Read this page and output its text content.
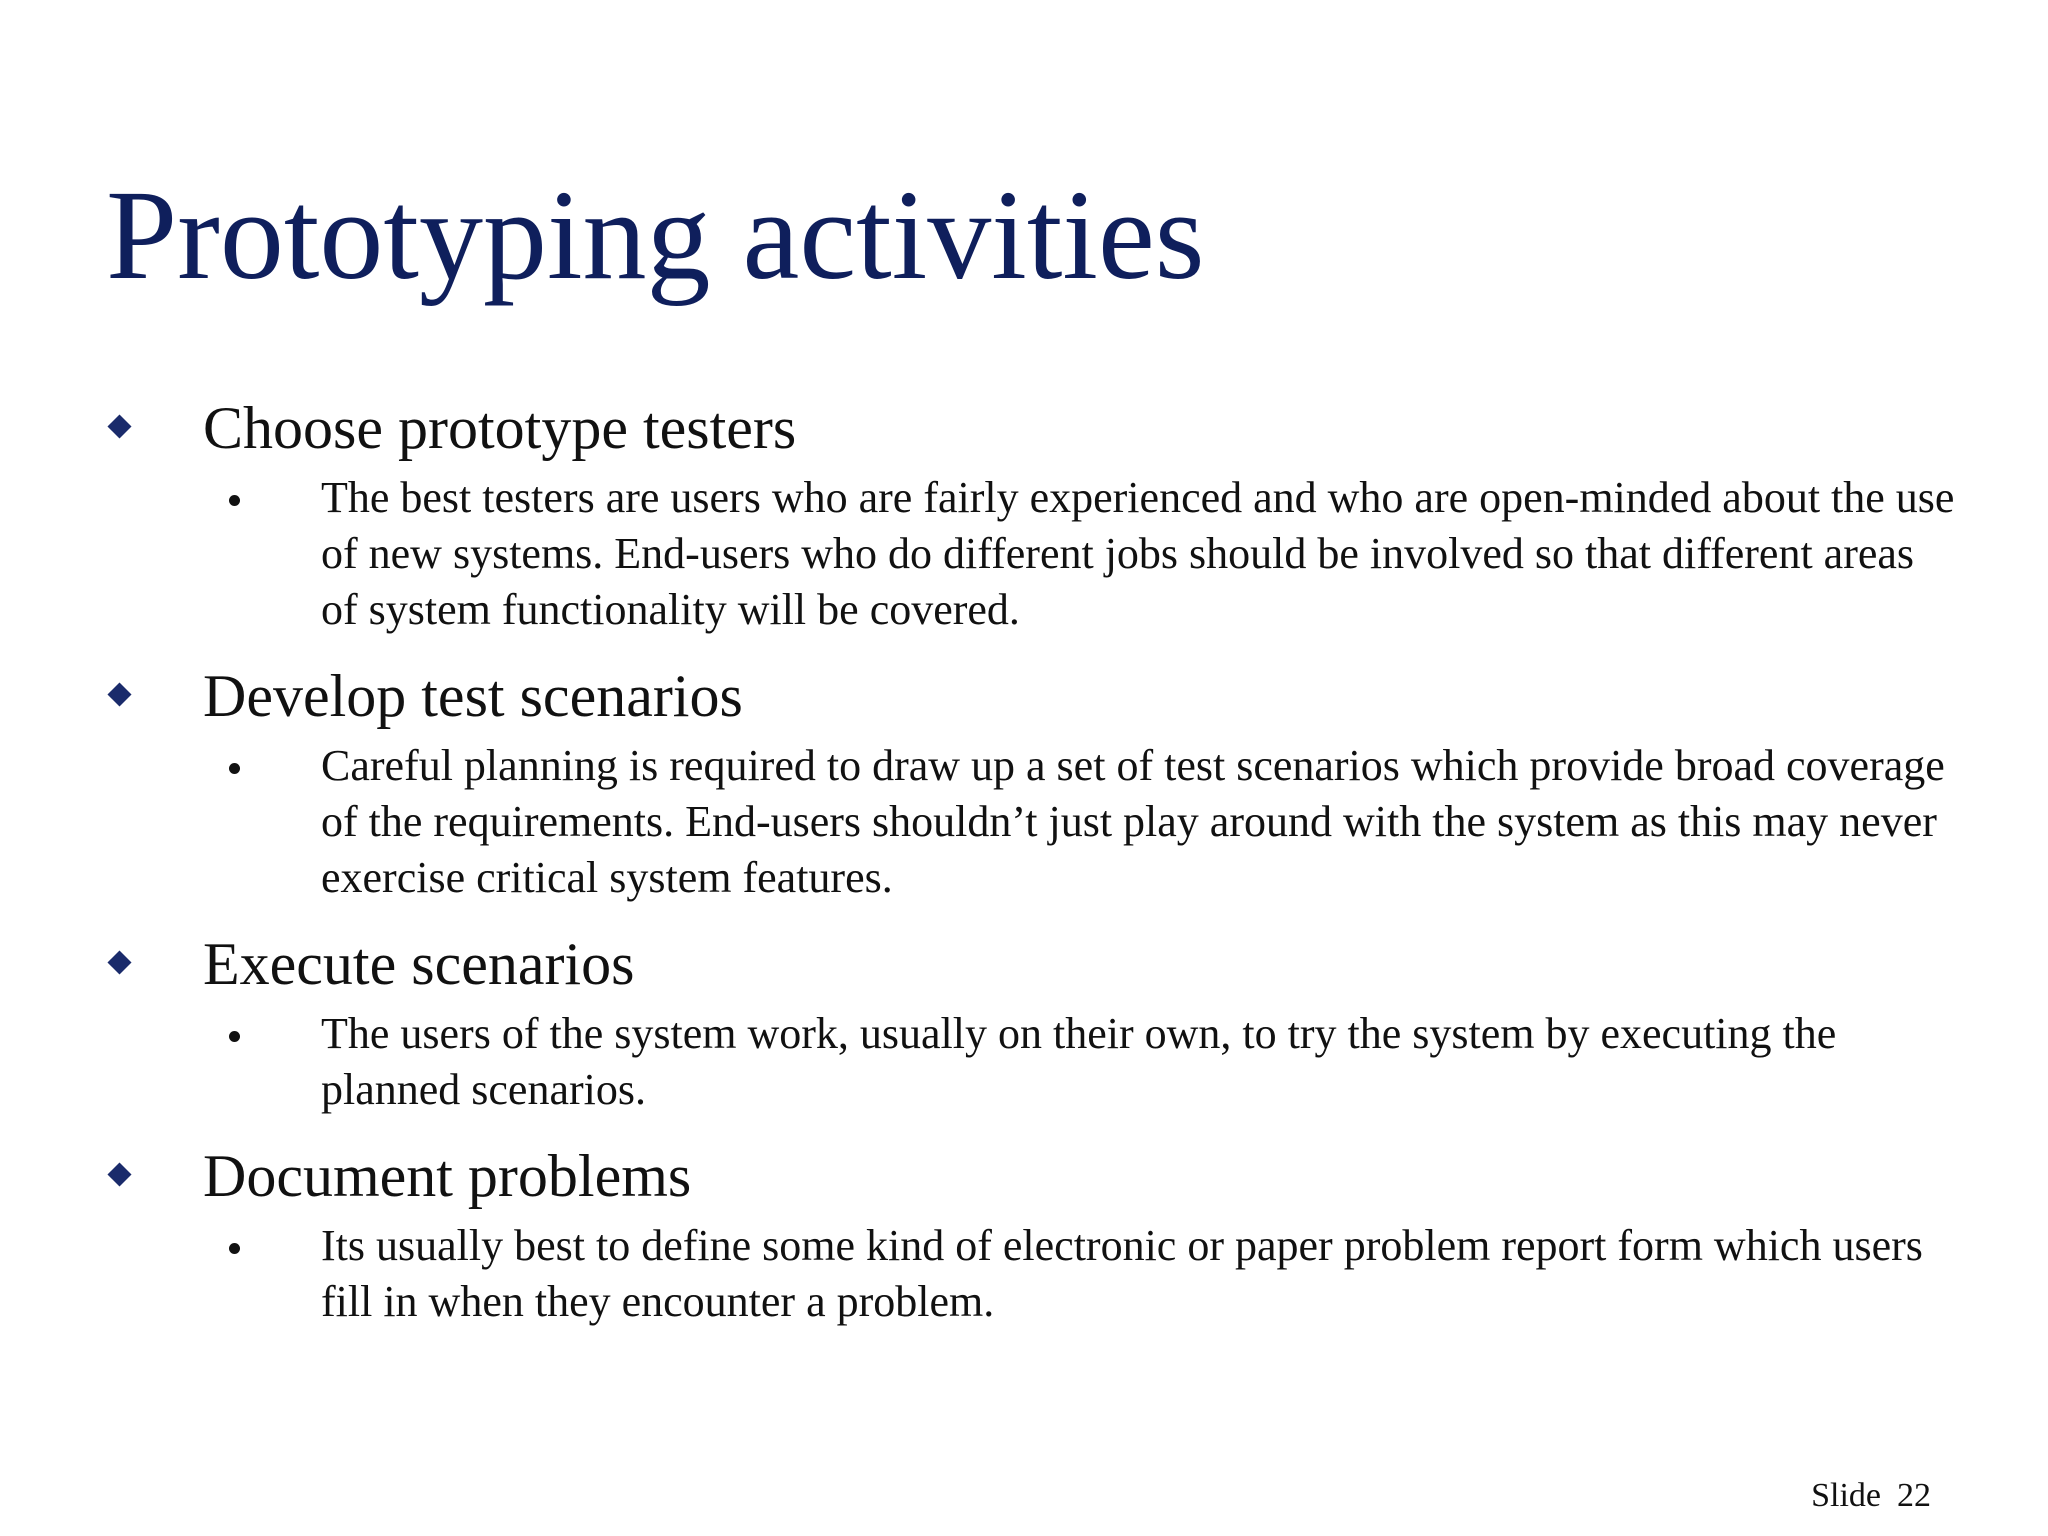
Prototyping activities

Choose prototype testers

The best testers are users who are fairly experienced and who are open-minded about the use of new systems. End-users who do different jobs should be involved so that different areas of system functionality will be covered.

Develop test scenarios

Careful planning is required to draw up a set of test scenarios which provide broad coverage of the requirements. End-users shouldn’t just play around with the system as this may never exercise critical system features.

Execute scenarios

The users of the system work, usually on their own, to try the system by executing the planned scenarios.

Document problems

Its usually best to define some kind of electronic or paper problem report form which users fill in when they encounter a problem.

Slide 22
